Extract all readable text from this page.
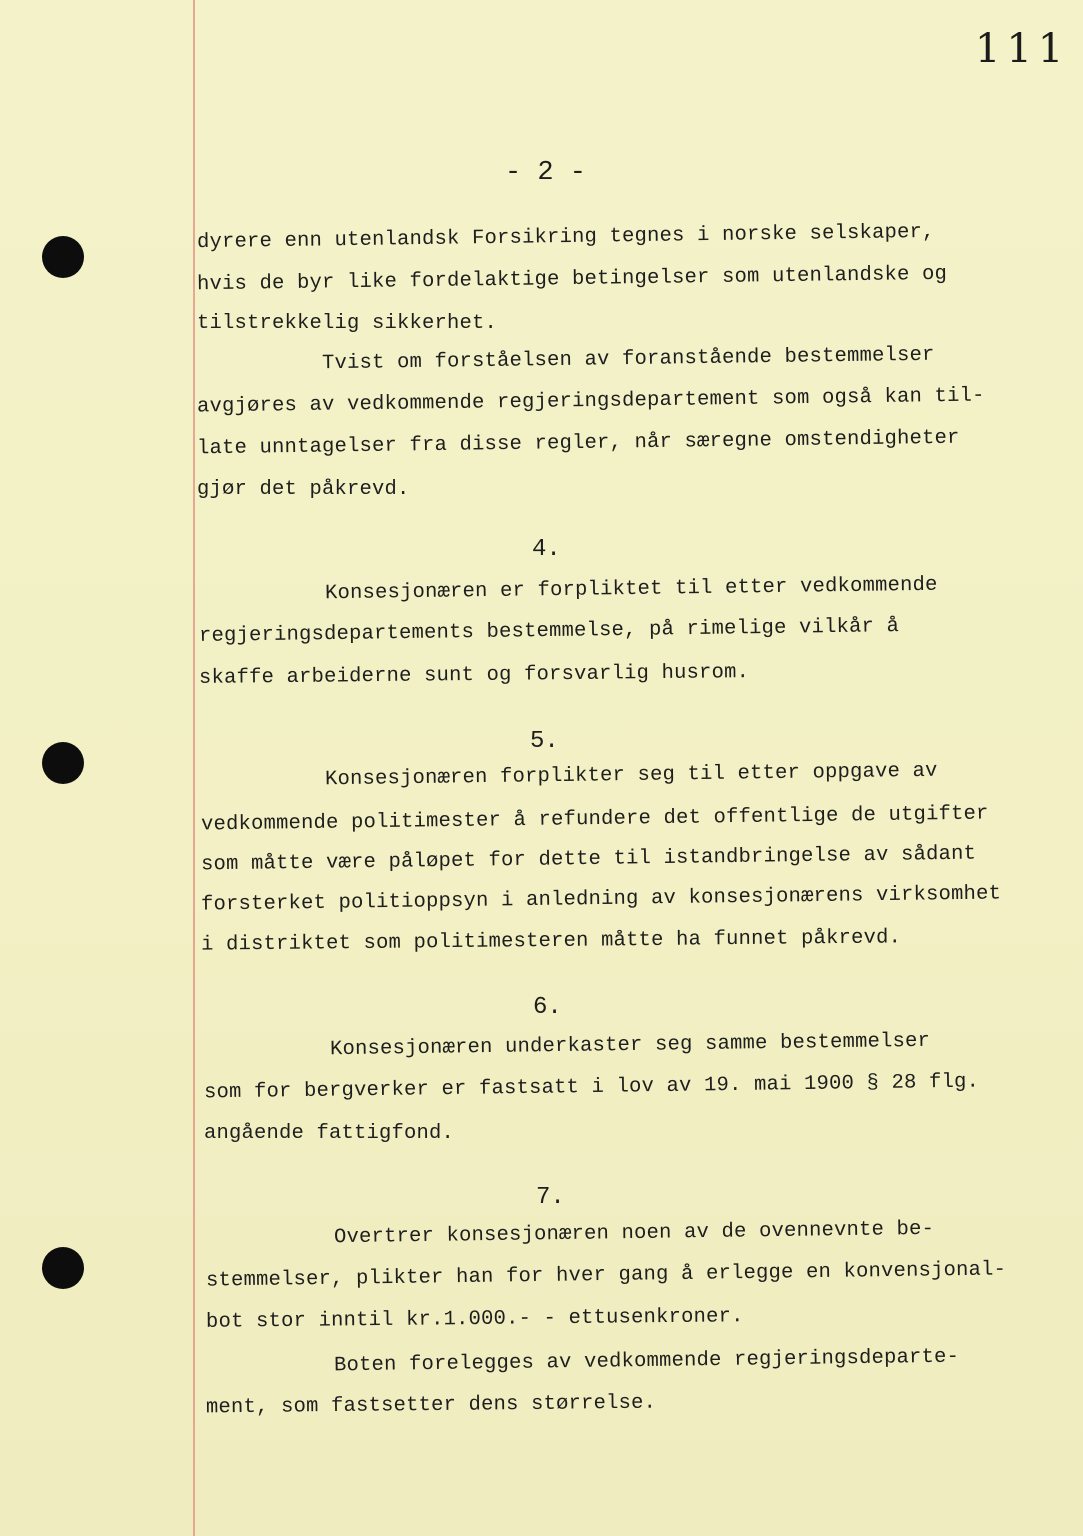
111
- 2 -
dyrere enn utenlandsk Forsikring tegnes i norske selskaper,
hvis de byr like fordelaktige betingelser som utenlandske og
tilstrekkelig sikkerhet.
Tvist om forståelsen av foranstående bestemmelser
avgjøres av vedkommende regjeringsdepartement som også kan til-
late unntagelser fra disse regler, når særegne omstendigheter
gjør det påkrevd.
4.
Konsesjonæren er forpliktet til etter vedkommende
regjeringsdepartements bestemmelse, på rimelige vilkår å
skaffe arbeiderne sunt og forsvarlig husrom.
5.
Konsesjonæren forplikter seg til etter oppgave av
vedkommende politimester å refundere det offentlige de utgifter
som måtte være påløpet for dette til istandbringelse av sådant
forsterket politioppsyn i anledning av konsesjonærens virksomhet
i distriktet som politimesteren måtte ha funnet påkrevd.
6.
Konsesjonæren underkaster seg samme bestemmelser
som for bergverker er fastsatt i lov av 19. mai 1900 § 28 flg.
angående fattigfond.
7.
Overtrer konsesjonæren noen av de ovennevnte be-
stemmelser, plikter han for hver gang å erlegge en konvensjonal-
bot stor inntil kr.1.000.- - ettusenkroner.
Boten forelegges av vedkommende regjeringsdeparte-
ment, som fastsetter dens størrelse.
